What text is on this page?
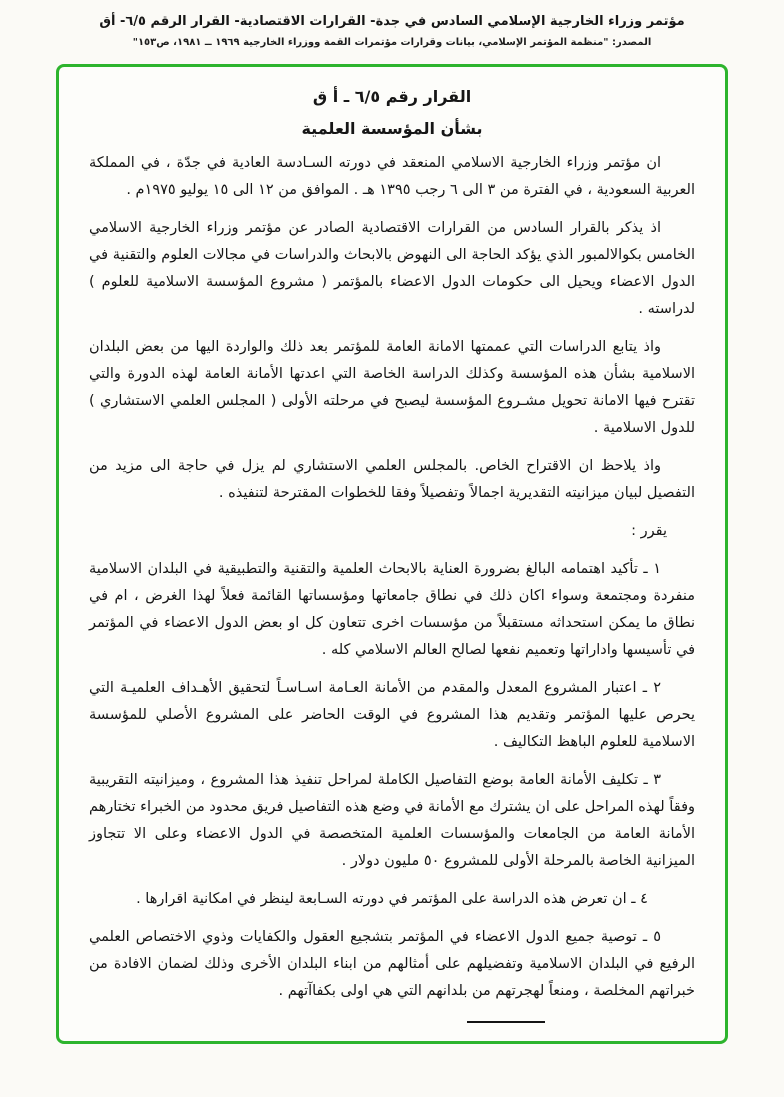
مؤتمر وزراء الخارجية الإسلامي السادس في جدة- القرارات الاقتصادية- القرار الرقم ٦/٥- أق
المصدر: "منظمة المؤتمر الإسلامي، بيانات وقرارات مؤتمرات القمة ووزراء الخارجية ١٩٦٩ ــ ١٩٨١، ص١٥٣"
القرار رقم ٦/٥ ـ أ ق
بشأن المؤسسة العلمية

ان مؤتمر وزراء الخارجية الاسلامي المنعقد في دورته السـادسة العادية في جدّة ، في المملكة العربية السعودية ، في الفترة من ٣ الى ٦ رجب ١٣٩٥ هـ . الموافق من ١٢ الى ١٥ يوليو ١٩٧٥م .

اذ يذكر بالقرار السادس من القرارات الاقتصادية الصادر عن مؤتمر وزراء الخارجية الاسلامي الخامس بكوالالمبور الذي يؤكد الحاجة الى النهوض بالابحاث والدراسات في مجالات العلوم والتقنية في الدول الاعضاء ويحيل الى حكومات الدول الاعضاء بالمؤتمر ( مشروع المؤسسة الاسلامية للعلوم ) لدراسته .

واذ يتابع الدراسات التي عممتها الامانة العامة للمؤتمر بعد ذلك والواردة اليها من بعض البلدان الاسلامية بشأن هذه المؤسسة وكذلك الدراسة الخاصة التي اعدتها الأمانة العامة لهذه الدورة والتي تقترح فيها الامانة تحويل مشـروع المؤسسة ليصبح في مرحلته الأولى ( المجلس العلمي الاستشاري ) للدول الاسلامية .

واذ يلاحظ ان الاقتراح الخاص. بالمجلس العلمي الاستشاري لم يزل في حاجة الى مزيد من التفصيل لبيان ميزانيته التقديرية اجمالاً وتفصيلاً وفقا للخطوات المقترحة لتنفيذه .

يقرر :

١ ـ تأكيد اهتمامه البالغ بضرورة العناية بالابحاث العلمية والتقنية والتطبيقية في البلدان الاسلامية منفردة ومجتمعة وسواء اكان ذلك في نطاق جامعاتها ومؤسساتها القائمة فعلاً لهذا الغرض ، ام في نطاق ما يمكن استحداثه مستقبلاً من مؤسسات اخرى تتعاون كل او بعض الدول الاعضاء في المؤتمر في تأسيسها واداراتها وتعميم نفعها لصالح العالم الاسلامي كله .

٢ ـ اعتبار المشروع المعدل والمقدم من الأمانة العـامة اسـاسـاً لتحقيق الأهـداف العلميـة التي يحرص عليها المؤتمر وتقديم هذا المشروع في الوقت الحاضر على المشروع الأصلي للمؤسسة الاسلامية للعلوم الباهظ التكاليف .

٣ ـ تكليف الأمانة العامة بوضع التفاصيل الكاملة لمراحل تنفيذ هذا المشروع ، وميزانيته التقريبية وفقاً لهذه المراحل على ان يشترك مع الأمانة في وضع هذه التفاصيل فريق محدود من الخبراء تختارهم الأمانة العامة من الجامعات والمؤسسات العلمية المتخصصة في الدول الاعضاء وعلى الا تتجاوز الميزانية الخاصة بالمرحلة الأولى للمشروع ٥٠ مليون دولار .

٤ ـ ان تعرض هذه الدراسة على المؤتمر في دورته السـابعة لينظر في امكانية اقرارها .

٥ ـ توصية جميع الدول الاعضاء في المؤتمر بتشجيع العقول والكفايات وذوي الاختصاص العلمي الرفيع في البلدان الاسلامية وتفضيلهم على أمثالهم من ابناء البلدان الأخرى وذلك لضمان الافادة من خبراتهم المخلصة ، ومنعاً لهجرتهم من بلدانهم التي هي اولى بكفاآتهم .
